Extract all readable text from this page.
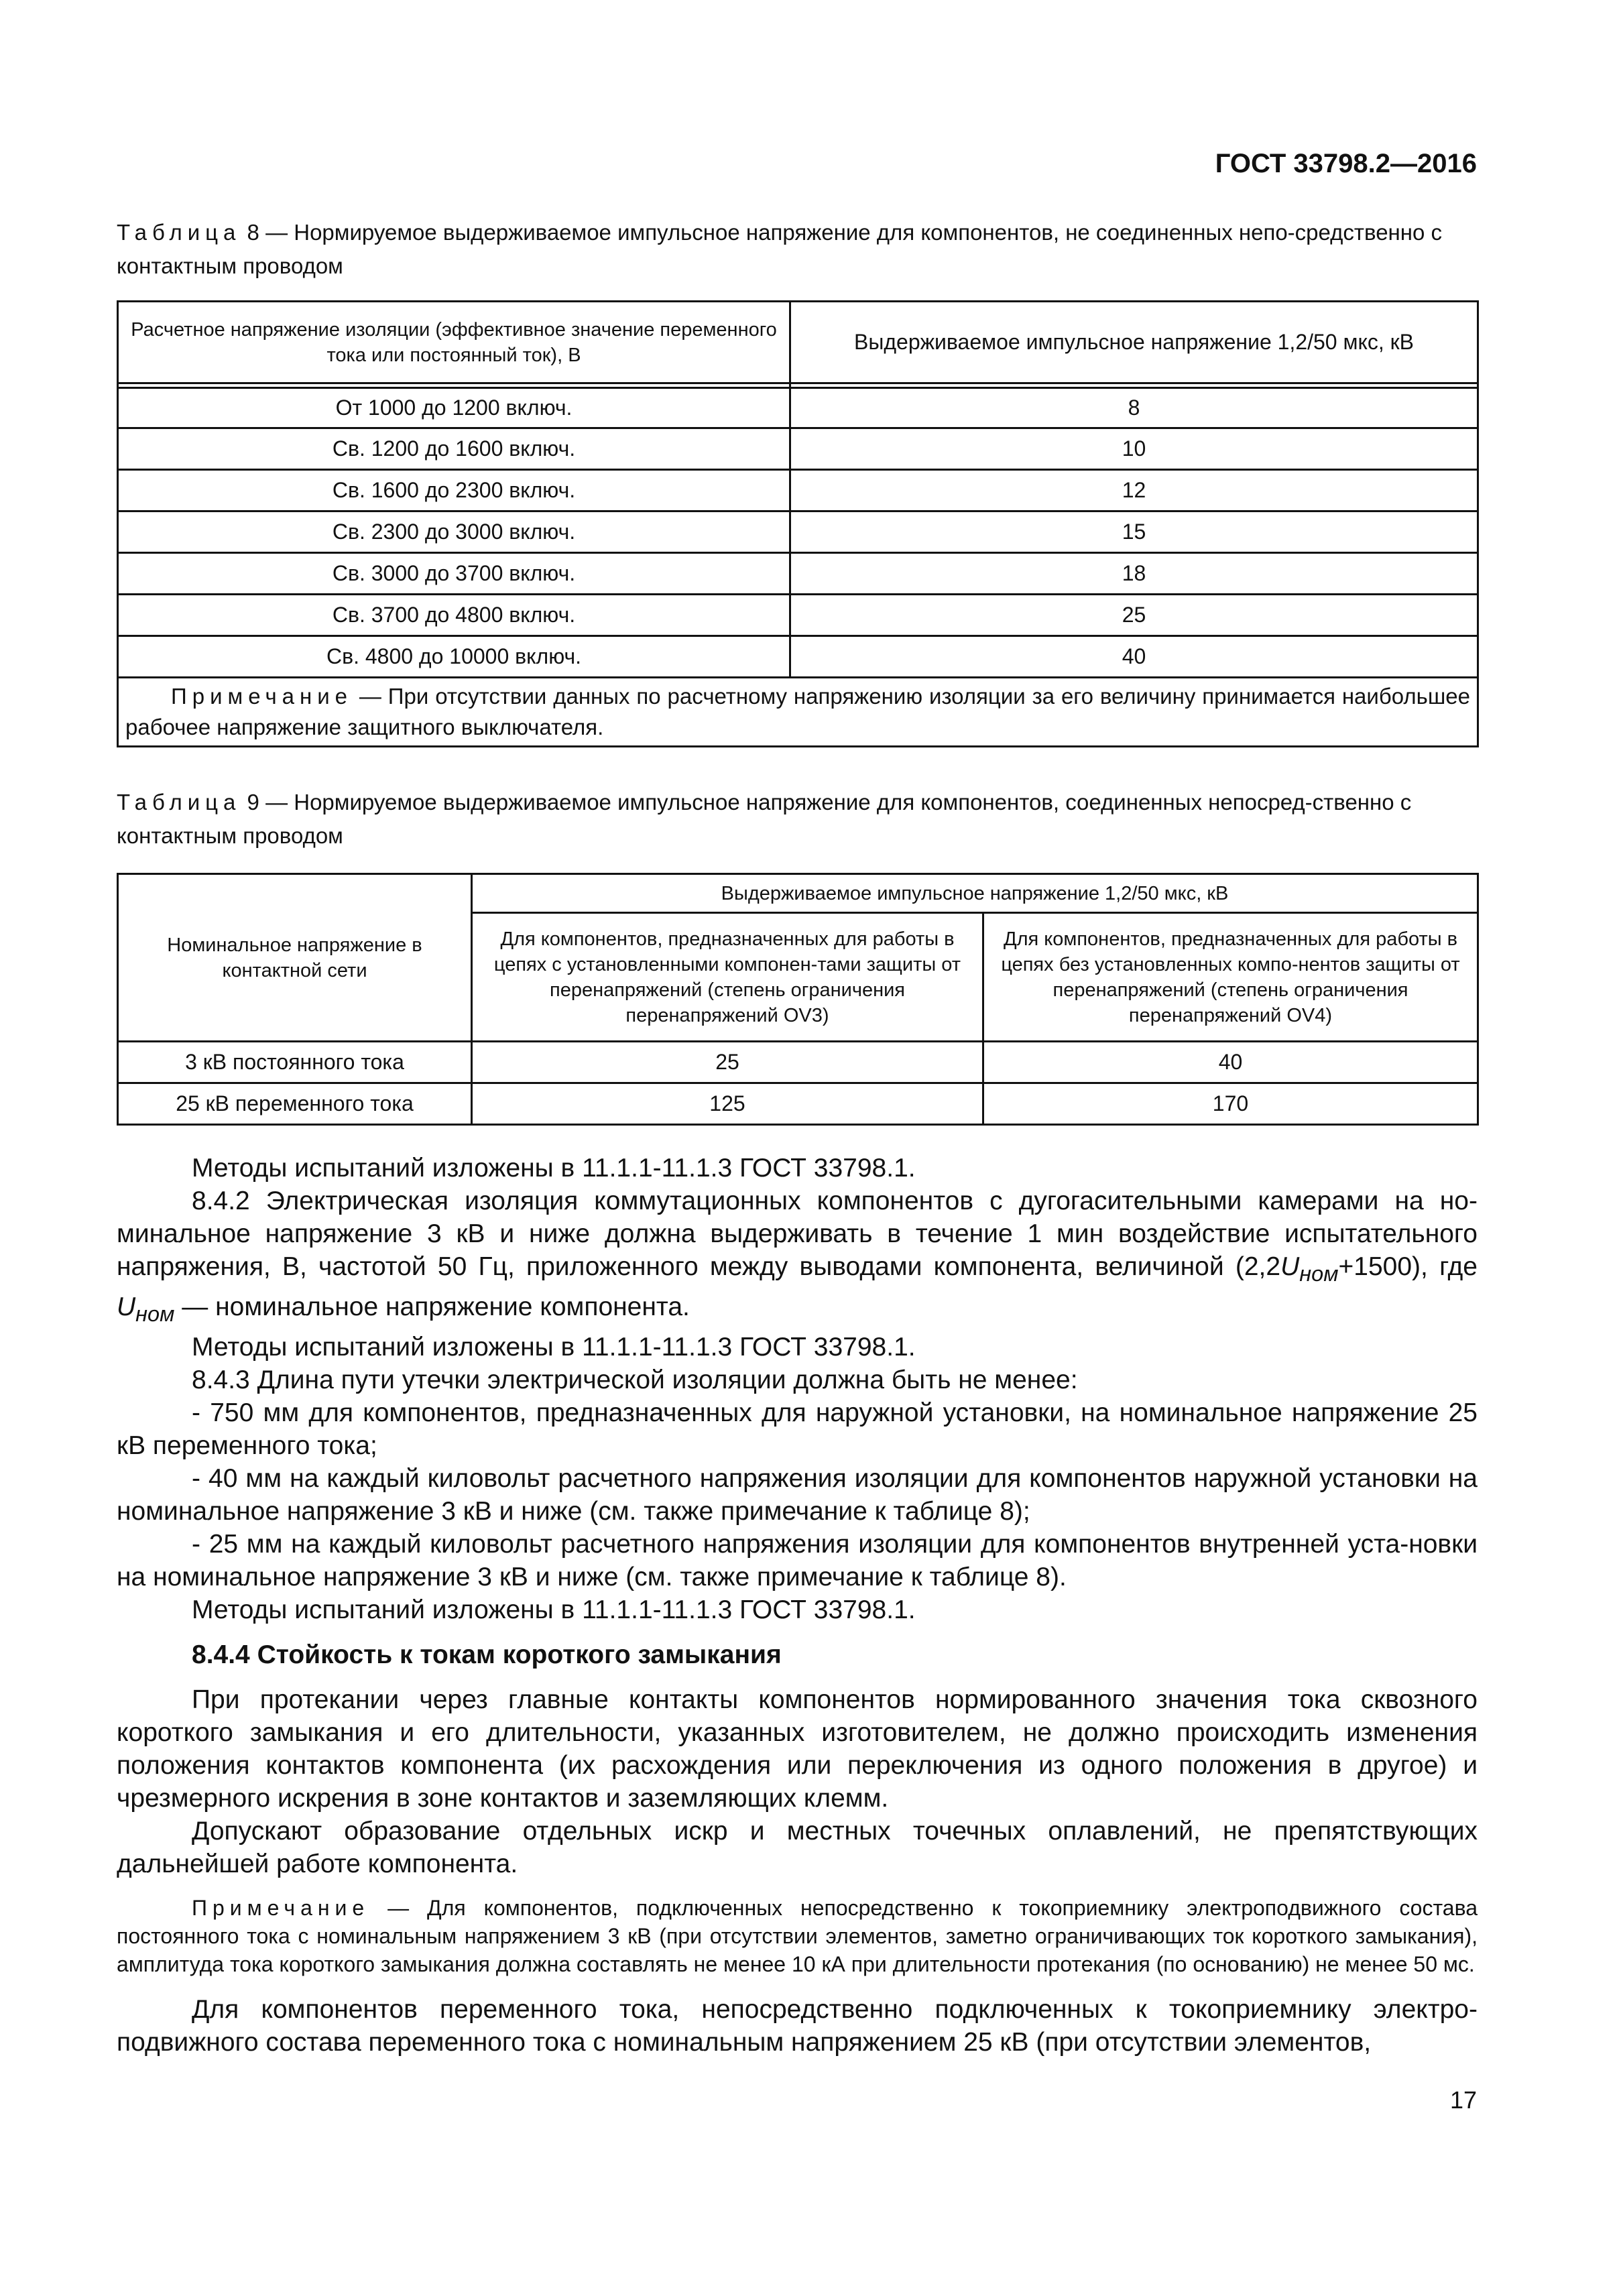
ГОСТ 33798.2—2016
Таблица 8 — Нормируемое выдерживаемое импульсное напряжение для компонентов, не соединенных непо-средственно с контактным проводом
Расчетное напряжение изоляции (эффективное значение переменного тока или постоянный ток), В	Выдерживаемое импульсное напряжение 1,2/50 мкс, кВ

От 1000 до 1200 включ.	8
Св. 1200 до 1600 включ.	10
Св. 1600 до 2300 включ.	12
Св. 2300 до 3000 включ.	15
Св. 3000 до 3700 включ.	18
Св. 3700 до 4800 включ.	25
Св. 4800 до 10000 включ.	40
Примечание — При отсутствии данных по расчетному напряжению изоляции за его величину принимается наибольшее рабочее напряжение защитного выключателя.	
Таблица 9 — Нормируемое выдерживаемое импульсное напряжение для компонентов, соединенных непосред-ственно с контактным проводом
Номинальное напряжение в контактной сети	Выдерживаемое импульсное напряжение 1,2/50 мкс, кВ	
	Для компонентов, предназначенных для работы в цепях с установленными компонен-тами защиты от перенапряжений (степень ограничения перенапряжений OV3)	Для компонентов, предназначенных для работы в цепях без установленных компо-нентов защиты от перенапряжений (степень ограничения перенапряжений OV4)
3 кВ постоянного тока	25	40
25 кВ переменного тока	125	170

Методы испытаний изложены в 11.1.1-11.1.3 ГОСТ 33798.1.

8.4.2 Электрическая изоляция коммутационных компонентов с дугогасительными камерами на но-минальное напряжение 3 кВ и ниже должна выдерживать в течение 1 мин воздействие испытательного напряжения, В, частотой 50 Гц, приложенного между выводами компонента, величиной $(2,2U_{ном}+1500)$, где $U_{ном}$ — номинальное напряжение компонента.

Методы испытаний изложены в 11.1.1-11.1.3 ГОСТ 33798.1.

8.4.3 Длина пути утечки электрической изоляции должна быть не менее:

- 750 мм для компонентов, предназначенных для наружной установки, на номинальное напряжение 25 кВ переменного тока;

- 40 мм на каждый киловольт расчетного напряжения изоляции для компонентов наружной установки на номинальное напряжение 3 кВ и ниже (см. также примечание к таблице 8);

- 25 мм на каждый киловольт расчетного напряжения изоляции для компонентов внутренней уста-новки на номинальное напряжение 3 кВ и ниже (см. также примечание к таблице 8).

Методы испытаний изложены в 11.1.1-11.1.3 ГОСТ 33798.1.

8.4.4 Стойкость к токам короткого замыкания

При протекании через главные контакты компонентов нормированного значения тока сквозного короткого замыкания и его длительности, указанных изготовителем, не должно происходить изменения положения контактов компонента (их расхождения или переключения из одного положения в другое) и чрезмерного искрения в зоне контактов и заземляющих клемм.

Допускают образование отдельных искр и местных точечных оплавлений, не препятствующих дальнейшей работе компонента.

Примечание — Для компонентов, подключенных непосредственно к токоприемнику электроподвижного состава постоянного тока с номинальным напряжением 3 кВ (при отсутствии элементов, заметно ограничивающих ток короткого замыкания), амплитуда тока короткого замыкания должна составлять не менее 10 кА при длительности протекания (по основанию) не менее 50 мс.

Для компонентов переменного тока, непосредственно подключенных к токоприемнику электро-подвижного состава переменного тока с номинальным напряжением 25 кВ (при отсутствии элементов,

17
